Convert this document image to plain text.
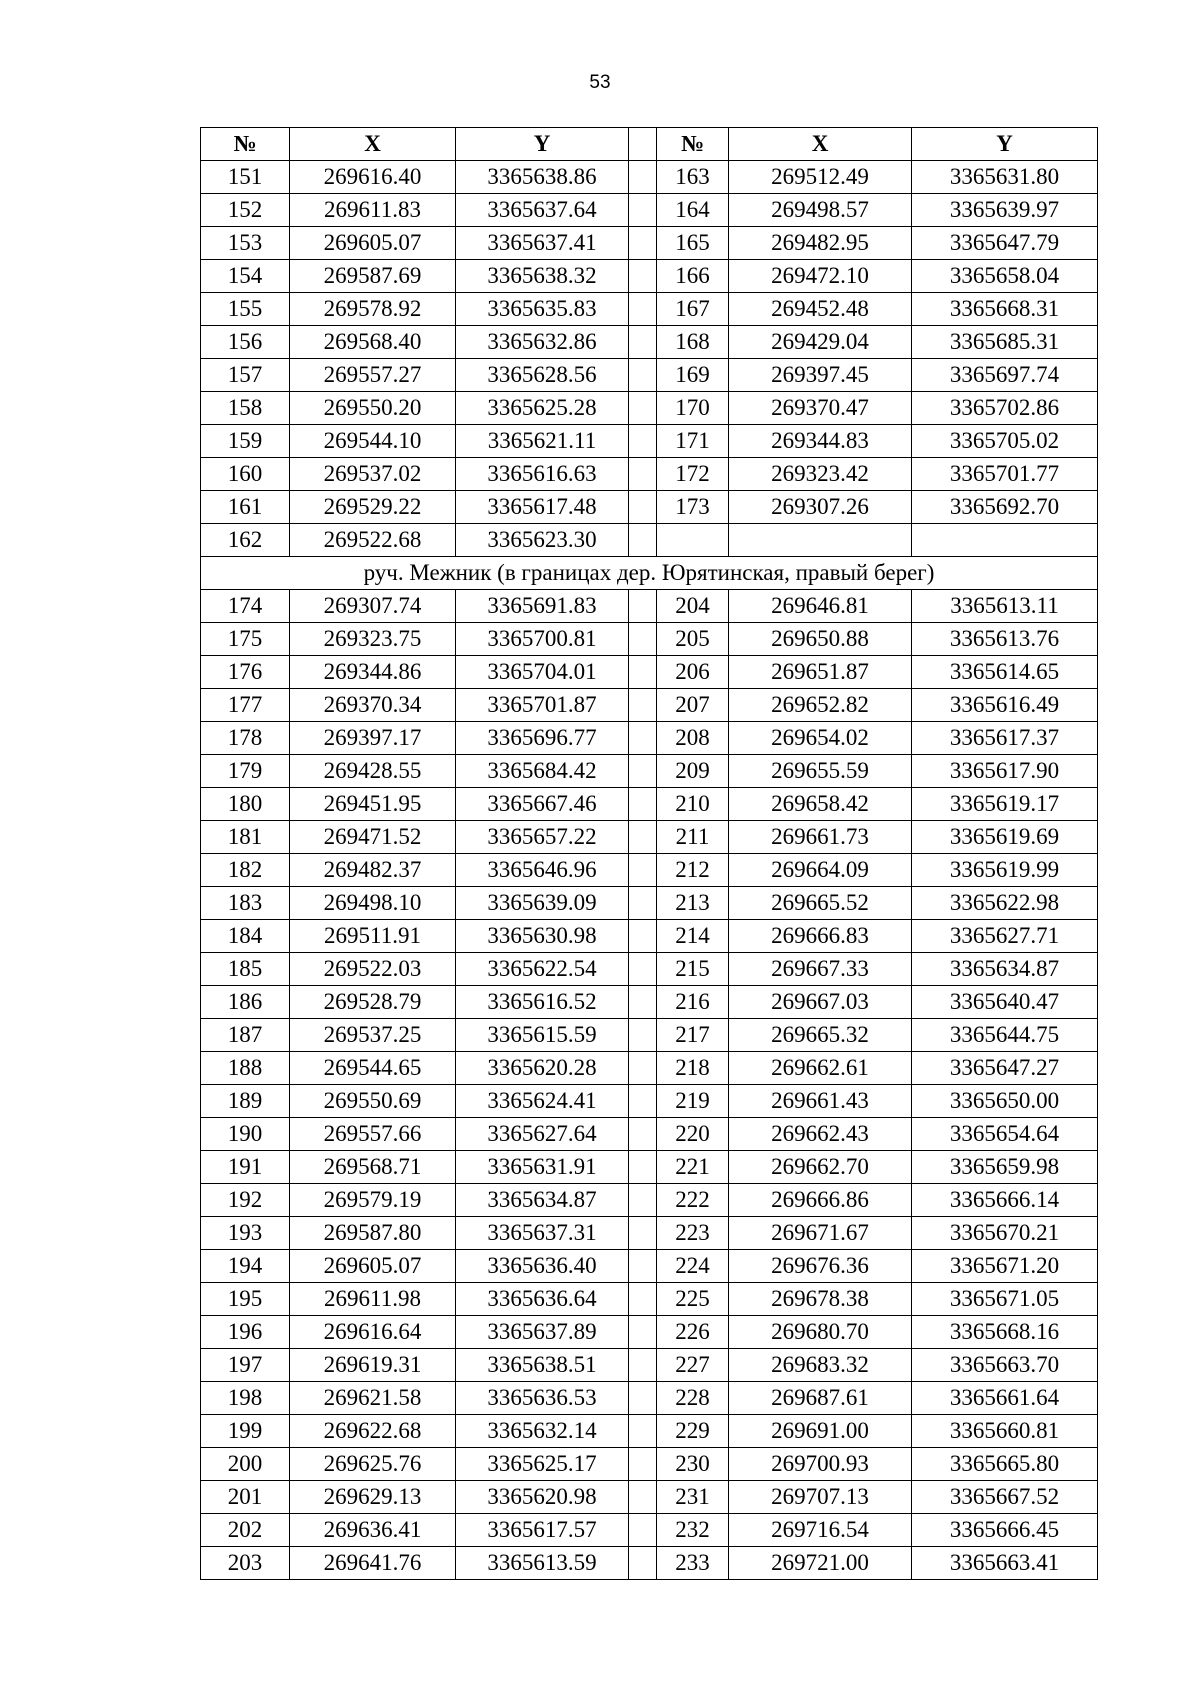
53
№	X	Y		№	X	Y
151	269616.40	3365638.86		163	269512.49	3365631.80
152	269611.83	3365637.64		164	269498.57	3365639.97
153	269605.07	3365637.41		165	269482.95	3365647.79
154	269587.69	3365638.32		166	269472.10	3365658.04
155	269578.92	3365635.83		167	269452.48	3365668.31
156	269568.40	3365632.86		168	269429.04	3365685.31
157	269557.27	3365628.56		169	269397.45	3365697.74
158	269550.20	3365625.28		170	269370.47	3365702.86
159	269544.10	3365621.11		171	269344.83	3365705.02
160	269537.02	3365616.63		172	269323.42	3365701.77
161	269529.22	3365617.48		173	269307.26	3365692.70
162	269522.68	3365623.30				
руч. Межник (в границах дер. Юрятинская, правый берег)						
174	269307.74	3365691.83		204	269646.81	3365613.11
175	269323.75	3365700.81		205	269650.88	3365613.76
176	269344.86	3365704.01		206	269651.87	3365614.65
177	269370.34	3365701.87		207	269652.82	3365616.49
178	269397.17	3365696.77		208	269654.02	3365617.37
179	269428.55	3365684.42		209	269655.59	3365617.90
180	269451.95	3365667.46		210	269658.42	3365619.17
181	269471.52	3365657.22		211	269661.73	3365619.69
182	269482.37	3365646.96		212	269664.09	3365619.99
183	269498.10	3365639.09		213	269665.52	3365622.98
184	269511.91	3365630.98		214	269666.83	3365627.71
185	269522.03	3365622.54		215	269667.33	3365634.87
186	269528.79	3365616.52		216	269667.03	3365640.47
187	269537.25	3365615.59		217	269665.32	3365644.75
188	269544.65	3365620.28		218	269662.61	3365647.27
189	269550.69	3365624.41		219	269661.43	3365650.00
190	269557.66	3365627.64		220	269662.43	3365654.64
191	269568.71	3365631.91		221	269662.70	3365659.98
192	269579.19	3365634.87		222	269666.86	3365666.14
193	269587.80	3365637.31		223	269671.67	3365670.21
194	269605.07	3365636.40		224	269676.36	3365671.20
195	269611.98	3365636.64		225	269678.38	3365671.05
196	269616.64	3365637.89		226	269680.70	3365668.16
197	269619.31	3365638.51		227	269683.32	3365663.70
198	269621.58	3365636.53		228	269687.61	3365661.64
199	269622.68	3365632.14		229	269691.00	3365660.81
200	269625.76	3365625.17		230	269700.93	3365665.80
201	269629.13	3365620.98		231	269707.13	3365667.52
202	269636.41	3365617.57		232	269716.54	3365666.45
203	269641.76	3365613.59		233	269721.00	3365663.41
